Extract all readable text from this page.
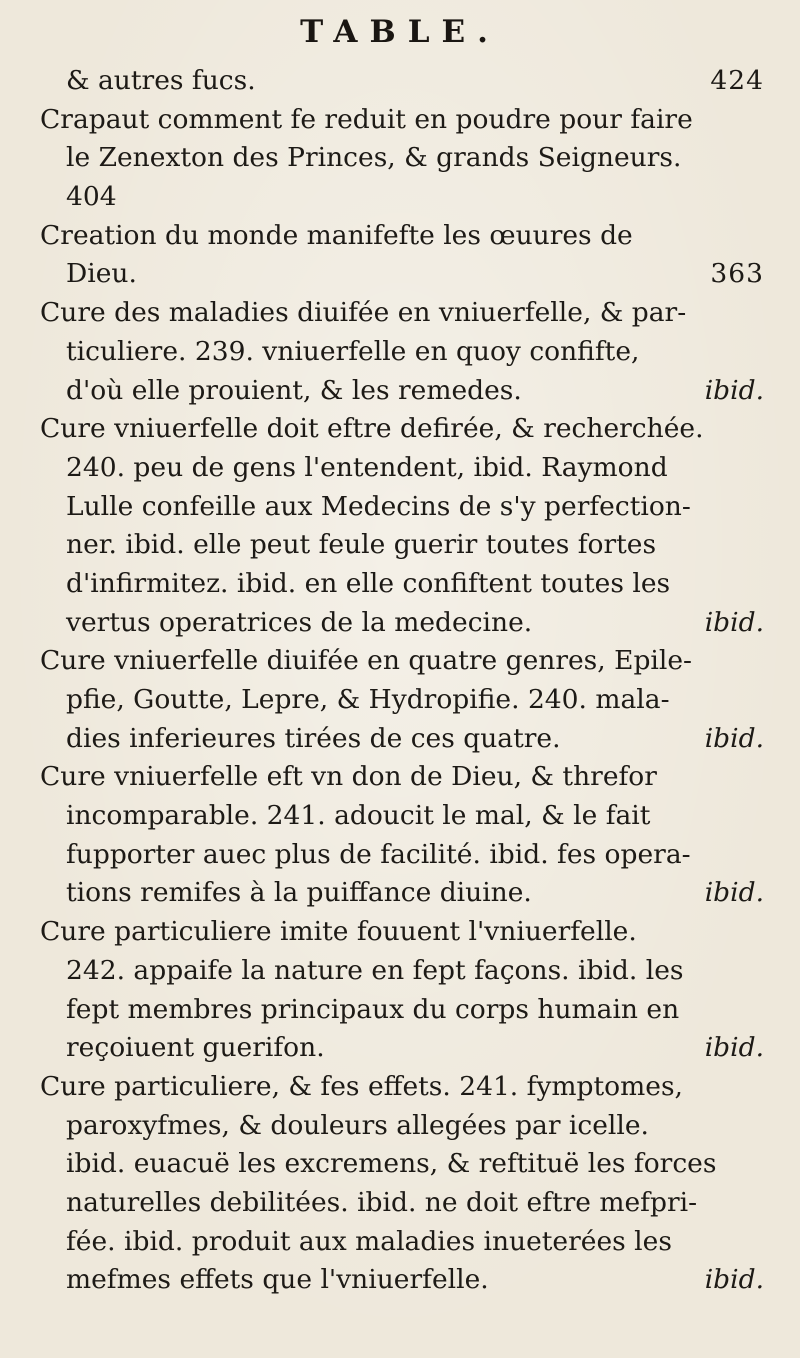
TABLE.
& autres fucs.	424
Crapaut comment fe reduit en poudre pour faire
le Zenexton des Princes, & grands Seigneurs.
404
Creation du monde manifefte les œuures de
Dieu.	363
Cure des maladies diuifée en vniuerfelle, & par-
ticuliere. 239. vniuerfelle en quoy confifte,
d'où elle prouient, & les remedes.	ibid.
Cure vniuerfelle doit eftre defirée, & recherchée.
240. peu de gens l'entendent, ibid. Raymond
Lulle confeille aux Medecins de s'y perfection-
ner. ibid. elle peut feule guerir toutes fortes
d'infirmitez. ibid. en elle confiftent toutes les
vertus operatrices de la medecine.	ibid.
Cure vniuerfelle diuifée en quatre genres, Epile-
pfie, Goutte, Lepre, & Hydropifie. 240. mala-
dies inferieures tirées de ces quatre.	ibid.
Cure vniuerfelle eft vn don de Dieu, & threfor
incomparable. 241. adoucit le mal, & le fait
fupporter auec plus de facilité. ibid. fes opera-
tions remifes à la puiffance diuine.	ibid.
Cure particuliere imite fouuent l'vniuerfelle.
242. appaife la nature en fept façons. ibid. les
fept membres principaux du corps humain en
reçoiuent guerifon.	ibid.
Cure particuliere, & fes effets. 241. fymptomes,
paroxyfmes, & douleurs allegées par icelle.
ibid. euacuë les excremens, & reftituë les forces
naturelles debilitées. ibid. ne doit eftre mefpri-
fée. ibid. produit aux maladies inueterées les
mefmes effets que l'vniuerfelle.	ibid.
